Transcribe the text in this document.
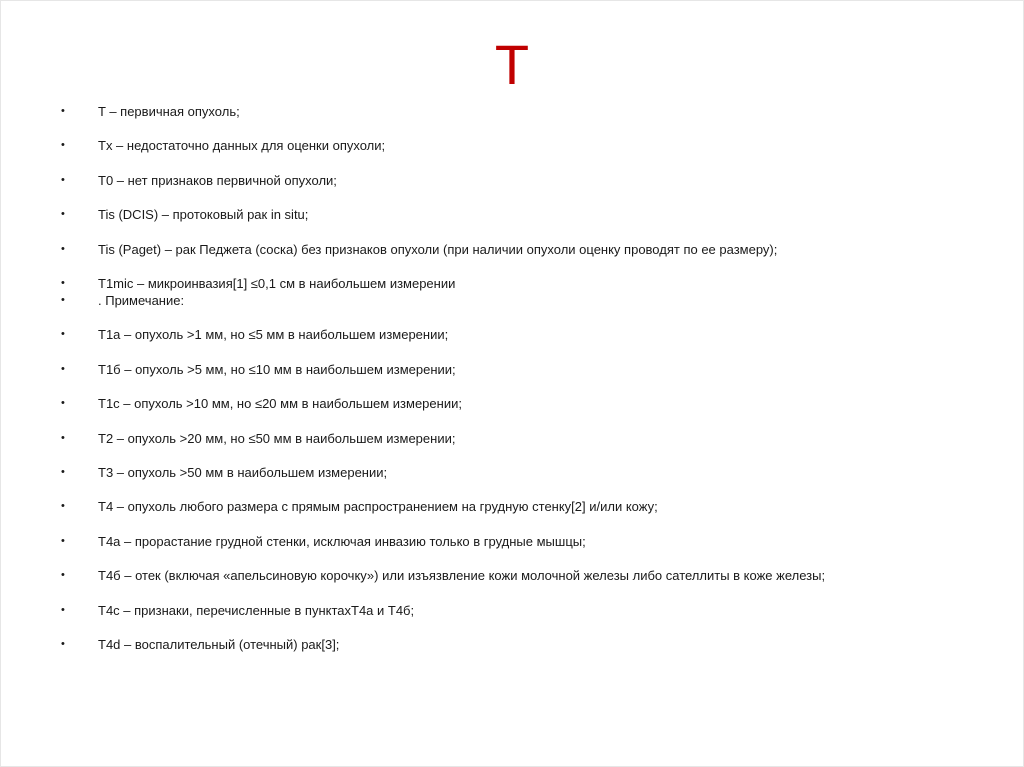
T
•	T – первичная опухоль;
•	Tx – недостаточно данных для оценки опухоли;
•	T0 – нет признаков первичной опухоли;
•	Tis (DCIS) – протоковый рак in situ;
•	Tis (Paget) – рак Педжета (соска) без признаков опухоли (при наличии опухоли оценку проводят по ее размеру);
•	T1mic – микроинвазия[1] ≤0,1 см в наибольшем измерении
•	. Примечание:
•	T1a – опухоль >1 мм, но ≤5 мм в наибольшем измерении;
•	T1б – опухоль >5 мм, но ≤10 мм в наибольшем измерении;
•	T1c – опухоль >10 мм, но ≤20 мм в наибольшем измерении;
•	T2 – опухоль >20 мм, но ≤50 мм в наибольшем измерении;
•	T3 – опухоль >50 мм в наибольшем измерении;
•	T4 – опухоль любого размера с прямым распространением на грудную стенку[2] и/или кожу;
•	T4a – прорастание грудной стенки, исключая инвазию только в грудные мышцы;
•	T4б – отек (включая «апельсиновую корочку») или изъязвление кожи молочной железы либо сателлиты в коже железы;
•	T4c – признаки, перечисленные в пунктахT4a и T4б;
•	T4d – воспалительный (отечный) рак[3];
